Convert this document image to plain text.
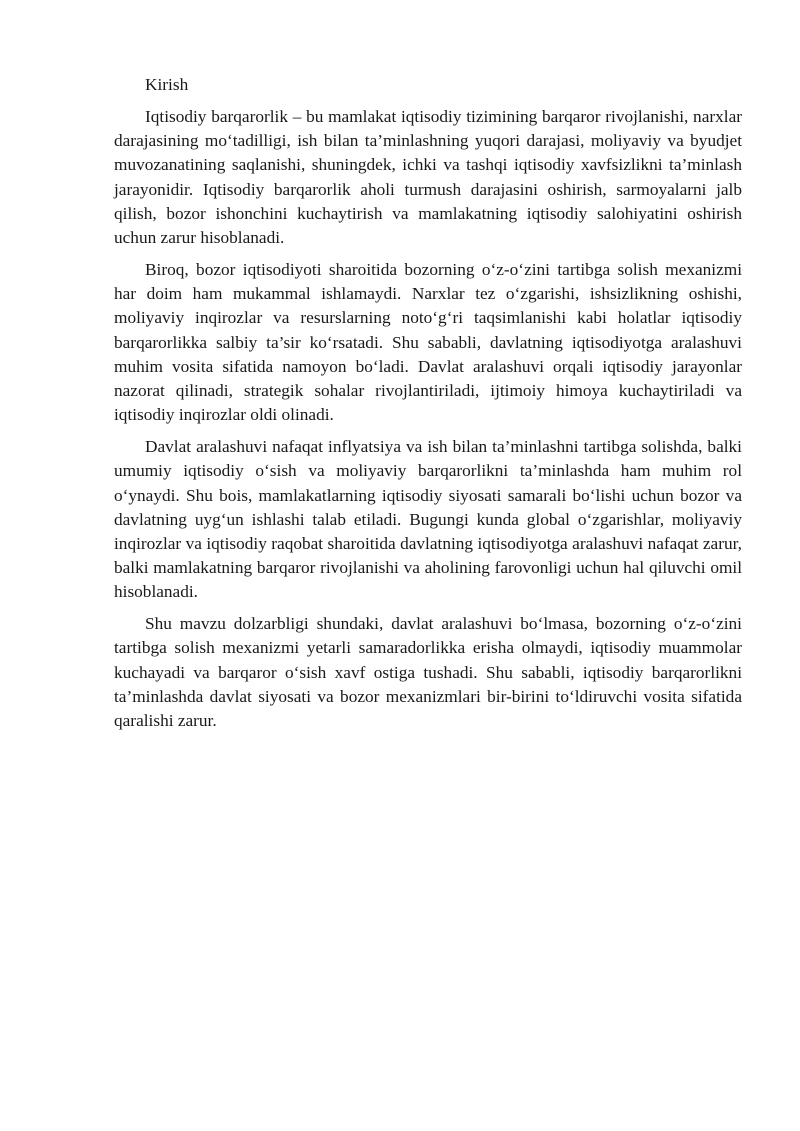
Kirish

Iqtisodiy barqarorlik – bu mamlakat iqtisodiy tizimining barqaror rivojlanishi, narxlar darajasining mo‘tadilligi, ish bilan ta’minlashning yuqori darajasi, moliyaviy va byudjet muvozanatining saqlanishi, shuningdek, ichki va tashqi iqtisodiy xavfsizlikni ta’minlash jarayonidir. Iqtisodiy barqarorlik aholi turmush darajasini oshirish, sarmoyalarni jalb qilish, bozor ishonchini kuchaytirish va mamlakatning iqtisodiy salohiyatini oshirish uchun zarur hisoblanadi.

Biroq, bozor iqtisodiyoti sharoitida bozorning o‘z-o‘zini tartibga solish mexanizmi har doim ham mukammal ishlamaydi. Narxlar tez o‘zgarishi, ishsizlikning oshishi, moliyaviy inqirozlar va resurslarning noto‘g‘ri taqsimlanishi kabi holatlar iqtisodiy barqarorlikka salbiy ta’sir ko‘rsatadi. Shu sababli, davlatning iqtisodiyotga aralashuvi muhim vosita sifatida namoyon bo‘ladi. Davlat aralashuvi orqali iqtisodiy jarayonlar nazorat qilinadi, strategik sohalar rivojlantiriladi, ijtimoiy himoya kuchaytiriladi va iqtisodiy inqirozlar oldi olinadi.

Davlat aralashuvi nafaqat inflyatsiya va ish bilan ta’minlashni tartibga solishda, balki umumiy iqtisodiy o‘sish va moliyaviy barqarorlikni ta’minlashda ham muhim rol o‘ynaydi. Shu bois, mamlakatlarning iqtisodiy siyosati samarali bo‘lishi uchun bozor va davlatning uyg‘un ishlashi talab etiladi. Bugungi kunda global o‘zgarishlar, moliyaviy inqirozlar va iqtisodiy raqobat sharoitida davlatning iqtisodiyotga aralashuvi nafaqat zarur, balki mamlakatning barqaror rivojlanishi va aholining farovonligi uchun hal qiluvchi omil hisoblanadi.

Shu mavzu dolzarbligi shundaki, davlat aralashuvi bo‘lmasa, bozorning o‘z-o‘zini tartibga solish mexanizmi yetarli samaradorlikka erisha olmaydi, iqtisodiy muammolar kuchayadi va barqaror o‘sish xavf ostiga tushadi. Shu sababli, iqtisodiy barqarorlikni ta’minlashda davlat siyosati va bozor mexanizmlari bir-birini to‘ldiruvchi vosita sifatida qaralishi zarur.
